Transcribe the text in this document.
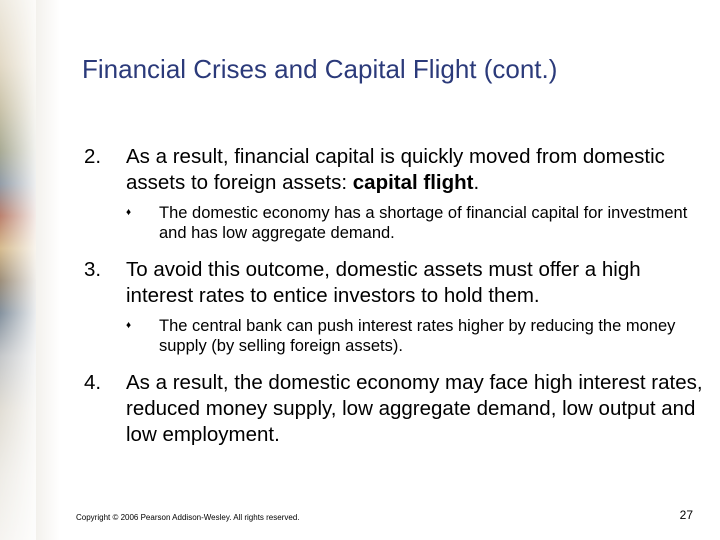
Financial Crises and Capital Flight (cont.)
2.	As a result, financial capital is quickly moved from domestic assets to foreign assets: capital flight.
♦	The domestic economy has a shortage of financial capital for investment and has low aggregate demand.
3.	To avoid this outcome, domestic assets must offer a high interest rates to entice investors to hold them.
♦	The central bank can push interest rates higher by reducing the money supply (by selling foreign assets).
4.	As a result, the domestic economy may face high interest rates, reduced money supply, low aggregate demand, low output and low employment.
Copyright © 2006 Pearson Addison-Wesley. All rights reserved.	27
